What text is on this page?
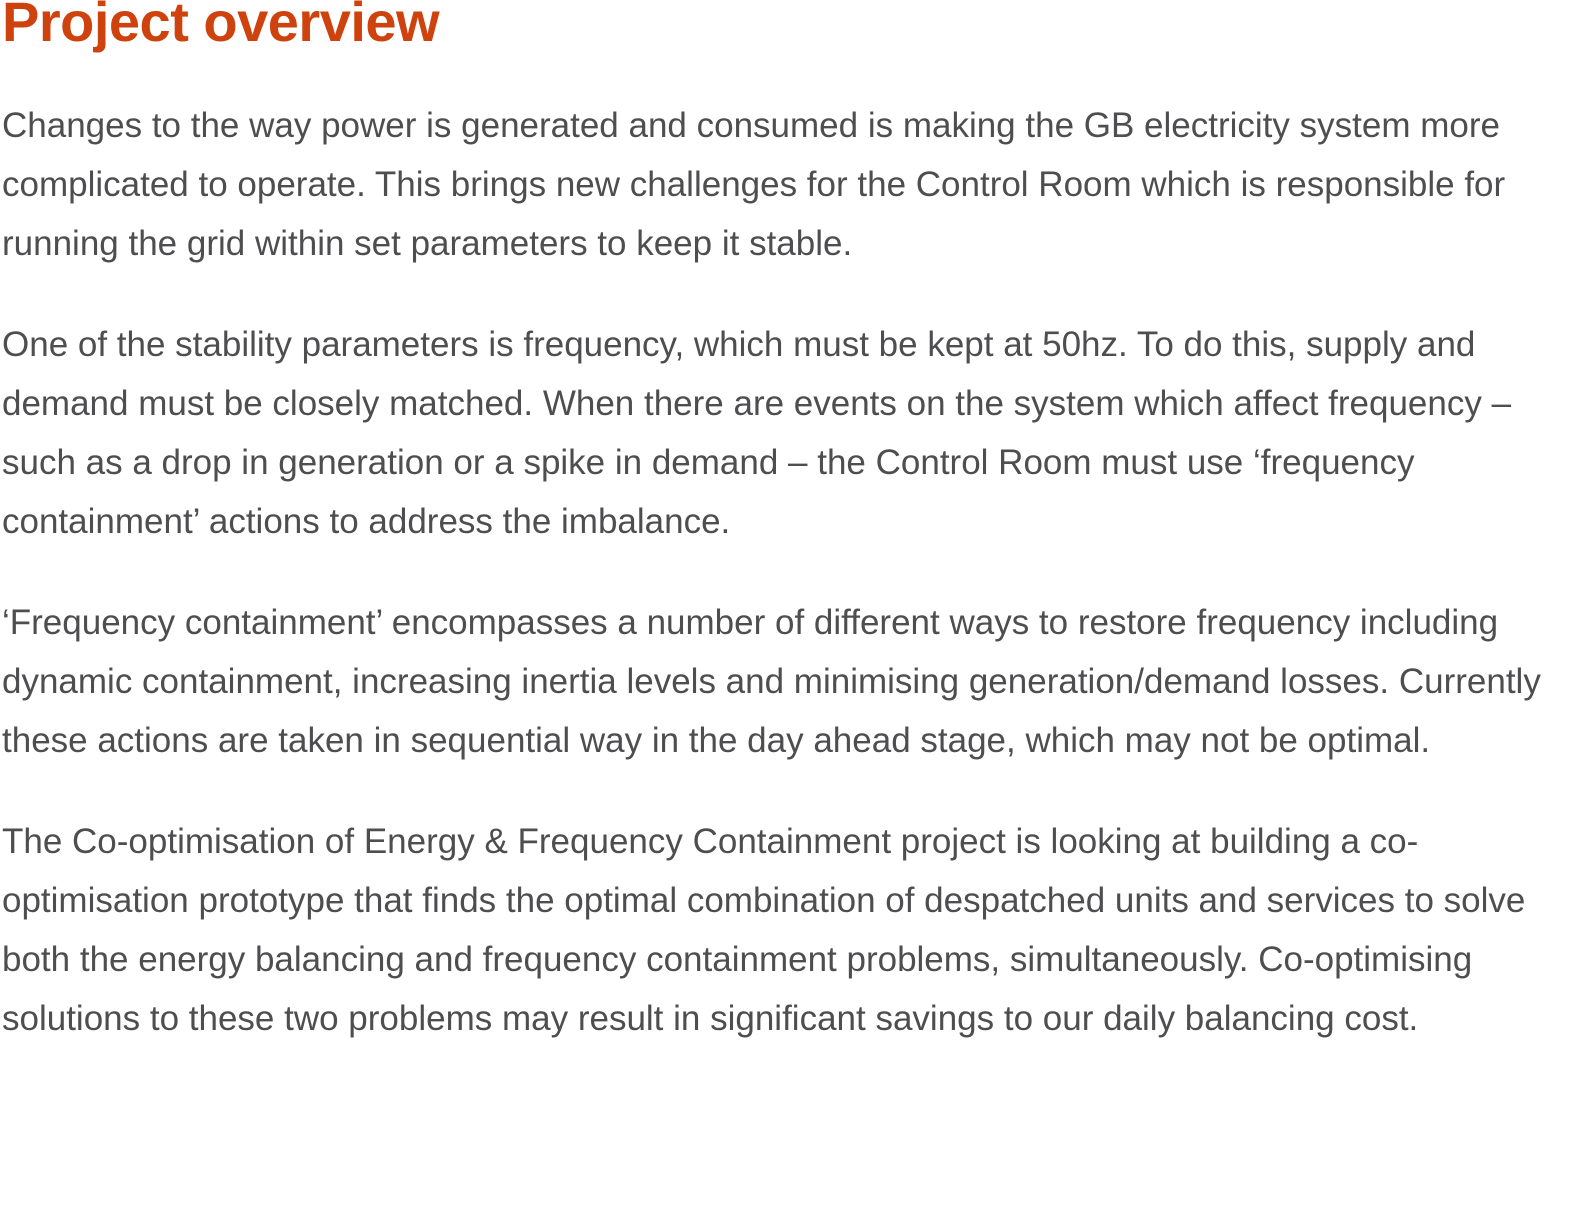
Project overview

Changes to the way power is generated and consumed is making the GB electricity system more complicated to operate. This brings new challenges for the Control Room which is responsible for running the grid within set parameters to keep it stable.

One of the stability parameters is frequency, which must be kept at 50hz. To do this, supply and demand must be closely matched. When there are events on the system which affect frequency – such as a drop in generation or a spike in demand – the Control Room must use ‘frequency containment’ actions to address the imbalance.

‘Frequency containment’ encompasses a number of different ways to restore frequency including dynamic containment, increasing inertia levels and minimising generation/demand losses. Currently these actions are taken in sequential way in the day ahead stage, which may not be optimal.

The Co-optimisation of Energy & Frequency Containment project is looking at building a co-optimisation prototype that finds the optimal combination of despatched units and services to solve both the energy balancing and frequency containment problems, simultaneously. Co-optimising solutions to these two problems may result in significant savings to our daily balancing cost.
